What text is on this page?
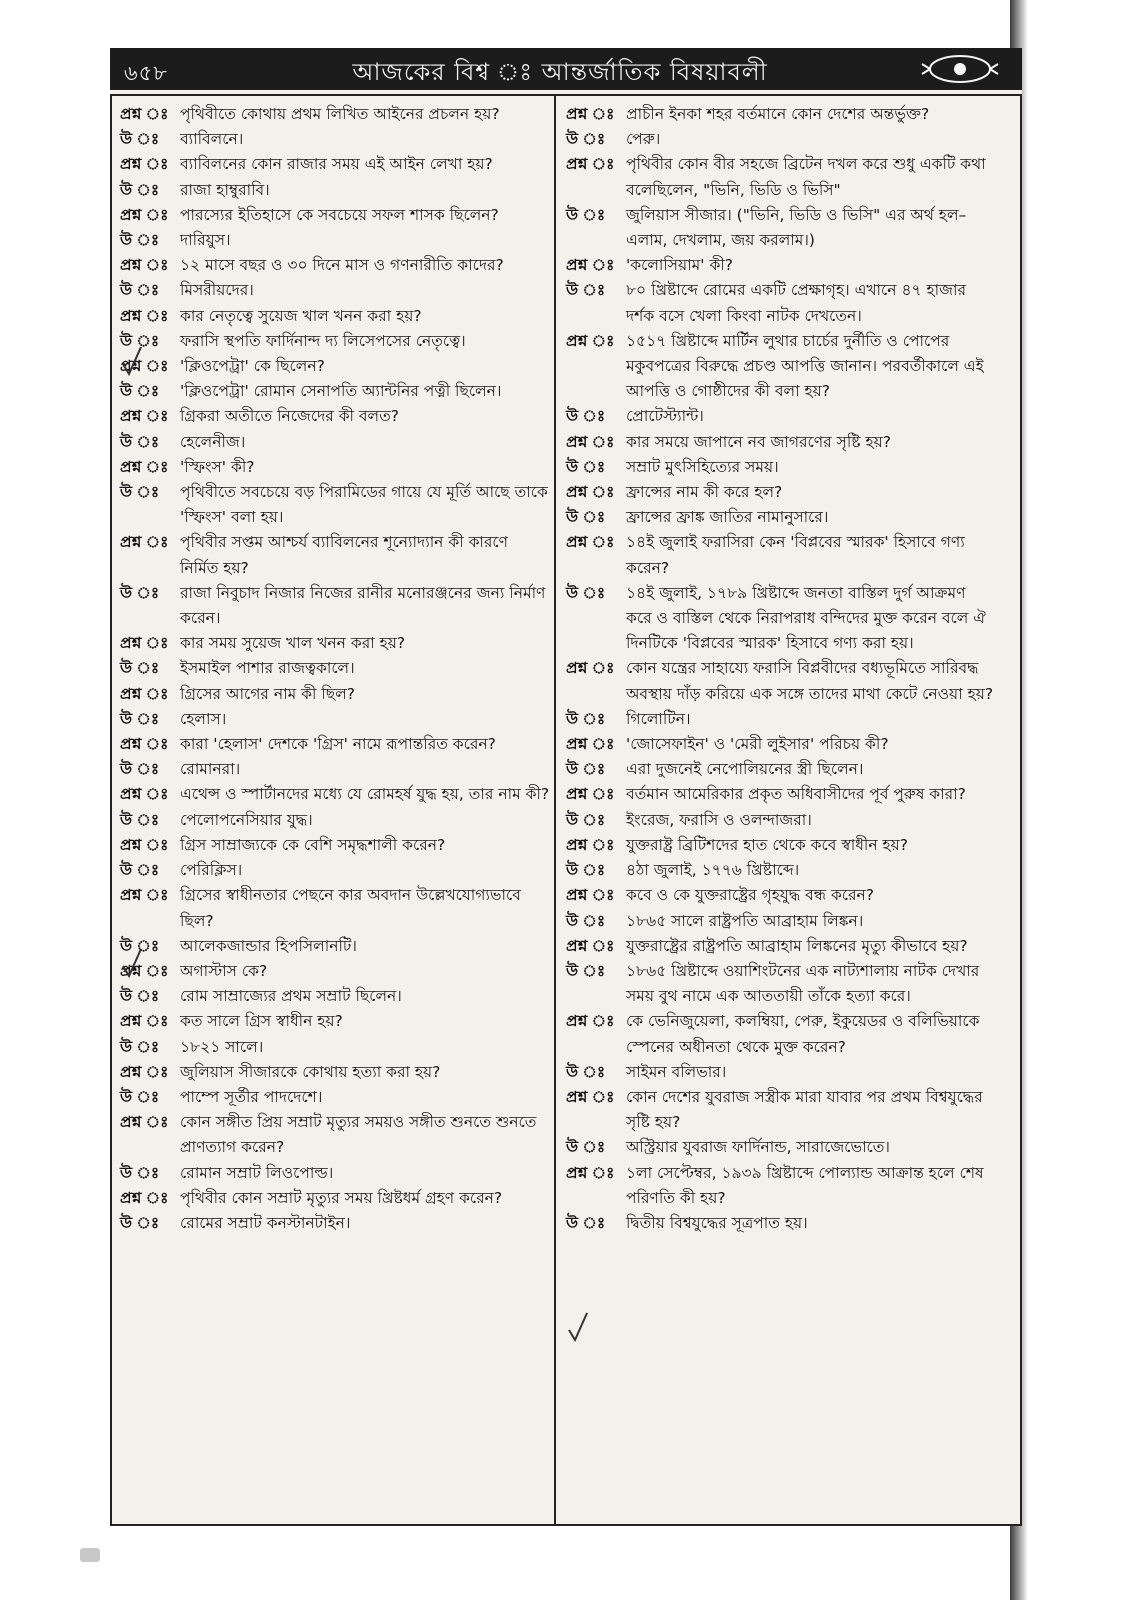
৬৫৮	আজকের বিশ্ব ঃ আন্তর্জাতিক বিষয়াবলী
প্রশ্ন ঃ পৃথিবীতে কোথায় প্রথম লিখিত আইনের প্রচলন হয়?
উ ঃ	ব্যাবিলনে।
প্রশ্ন ঃ ব্যাবিলনের কোন রাজার সময় এই আইন লেখা হয়?
উ ঃ	রাজা হাম্বুরাবি।
প্রশ্ন ঃ পারস্যের ইতিহাসে কে সবচেয়ে সফল শাসক ছিলেন?
উ ঃ	দারিয়ুস।
প্রশ্ন ঃ ১২ মাসে বছর ও ৩০ দিনে মাস ও গণনারীতি কাদের?
উ ঃ	মিসরীয়দের।
প্রশ্ন ঃ কার নেতৃত্বে সুয়েজ খাল খনন করা হয়?
উ ঃ	ফরাসি স্থপতি ফার্দিনান্দ দ্য লিসেপসের নেতৃত্বে।
প্রশ্ন ঃ 'ক্লিওপেট্রা' কে ছিলেন?
উ ঃ	'ক্লিওপেট্রা' রোমান সেনাপতি অ্যান্টনির পত্নী ছিলেন।
প্রশ্ন ঃ গ্রিকরা অতীতে নিজেদের কী বলত?
উ ঃ	হেলেনীজ।
প্রশ্ন ঃ 'স্ফিংস' কী?
উ ঃ	পৃথিবীতে সবচেয়ে বড় পিরামিডের গায়ে যে মূর্তি আছে তাকে 'স্ফিংস' বলা হয়।
প্রশ্ন ঃ পৃথিবীর সপ্তম আশ্চর্য ব্যাবিলনের শূন্যোদ্যান কী কারণে নির্মিত হয়?
উ ঃ	রাজা নিবুচাদ নিজার নিজের রানীর মনোরঞ্জনের জন্য নির্মাণ করেন।
প্রশ্ন ঃ কার সময় সুয়েজ খাল খনন করা হয়?
উ ঃ	ইসমাইল পাশার রাজত্বকালে।
প্রশ্ন ঃ গ্রিসের আগের নাম কী ছিল?
উ ঃ	হেলাস।
প্রশ্ন ঃ কারা 'হেলাস' দেশকে 'গ্রিস' নামে রূপান্তরিত করেন?
উ ঃ	রোমানরা।
প্রশ্ন ঃ এথেন্স ও স্পার্টানদের মধ্যে যে রোমহর্ষ যুদ্ধ হয়, তার নাম কী?
উ ঃ	পেলোপনেসিয়ার যুদ্ধ।
প্রশ্ন ঃ গ্রিস সাম্রাজ্যকে কে বেশি সমৃদ্ধশালী করেন?
উ ঃ	পেরিক্লিস।
প্রশ্ন ঃ গ্রিসের স্বাধীনতার পেছনে কার অবদান উল্লেখযোগ্যভাবে ছিল?
উ ঃ	আলেকজান্ডার হিপসিলানটি।
প্রশ্ন ঃ অগাস্টাস কে?
উ ঃ	রোম সাম্রাজ্যের প্রথম সম্রাট ছিলেন।
প্রশ্ন ঃ কত সালে গ্রিস স্বাধীন হয়?
উ ঃ	১৮২১ সালে।
প্রশ্ন ঃ জুলিয়াস সীজারকে কোথায় হত্যা করা হয়?
উ ঃ	পাম্পে সূর্তীর পাদদেশে।
প্রশ্ন ঃ কোন সঙ্গীত প্রিয় সম্রাট মৃত্যুর সময়ও সঙ্গীত শুনতে শুনতে প্রাণত্যাগ করেন?
উ ঃ	রোমান সম্রাট লিওপোল্ড।
প্রশ্ন ঃ পৃথিবীর কোন সম্রাট মৃত্যুর সময় খ্রিষ্টধর্ম গ্রহণ করেন?
উ ঃ	রোমের সম্রাট কনস্টানটাইন।
প্রশ্ন ঃ প্রাচীন ইনকা শহর বর্তমানে কোন দেশের অন্তর্ভুক্ত?
উ ঃ	পেরু।
প্রশ্ন ঃ পৃথিবীর কোন বীর সহজে ব্রিটেন দখল করে শুধু একটি কথা বলেছিলেন, "ভিনি, ভিডি ও ভিসি"
উ ঃ	জুলিয়াস সীজার। ("ভিনি, ভিডি ও ভিসি" এর অর্থ হল– এলাম, দেখলাম, জয় করলাম।)
প্রশ্ন ঃ 'কলোসিয়াম' কী?
উ ঃ	৮০ খ্রিষ্টাব্দে রোমের একটি প্রেক্ষাগৃহ। এখানে ৪৭ হাজার দর্শক বসে খেলা কিংবা নাটক দেখতেন।
প্রশ্ন ঃ ১৫১৭ খ্রিষ্টাব্দে মার্টিন লুথার চার্চের দুর্নীতি ও পোপের মকুবপত্রের বিরুদ্ধে প্রচণ্ড আপত্তি জানান। পরবর্তীকালে এই আপত্তি ও গোষ্ঠীদের কী বলা হয়?
উ ঃ	প্রোটেস্ট্যান্ট।
প্রশ্ন ঃ কার সময়ে জাপানে নব জাগরণের সৃষ্টি হয়?
উ ঃ	সম্রাট মুৎসিহিত্যের সময়।
প্রশ্ন ঃ ফ্রান্সের নাম কী করে হল?
উ ঃ	ফ্রান্সের ফ্রাঙ্ক জাতির নামানুসারে।
প্রশ্ন ঃ ১৪ই জুলাই ফরাসিরা কেন 'বিপ্লবের স্মারক' হিসাবে গণ্য করেন?
উ ঃ	১৪ই জুলাই, ১৭৮৯ খ্রিষ্টাব্দে জনতা বাস্তিল দুর্গ আক্রমণ করে ও বাস্তিল থেকে নিরাপরাধ বন্দিদের মুক্ত করেন বলে ঐ দিনটিকে 'বিপ্লবের স্মারক' হিসাবে গণ্য করা হয়।
প্রশ্ন ঃ কোন যন্ত্রের সাহায্যে ফরাসি বিপ্লবীদের বধ্যভূমিতে সারিবদ্ধ অবস্থায় দাঁড় করিয়ে এক সঙ্গে তাদের মাথা কেটে নেওয়া হয়?
উ ঃ	গিলোটিন।
প্রশ্ন ঃ 'জোসেফাইন' ও 'মেরী লুইসার' পরিচয় কী?
উ ঃ	এরা দুজনেই নেপোলিয়নের স্ত্রী ছিলেন।
প্রশ্ন ঃ বর্তমান আমেরিকার প্রকৃত অধিবাসীদের পূর্ব পুরুষ কারা?
উ ঃ	ইংরেজ, ফরাসি ও ওলন্দাজরা।
প্রশ্ন ঃ যুক্তরাষ্ট্র ব্রিটিশদের হাত থেকে কবে স্বাধীন হয়?
উ ঃ	৪ঠা জুলাই, ১৭৭৬ খ্রিষ্টাব্দে।
প্রশ্ন ঃ কবে ও কে যুক্তরাষ্ট্রের গৃহযুদ্ধ বন্ধ করেন?
উ ঃ	১৮৬৫ সালে রাষ্ট্রপতি আব্রাহাম লিঙ্কন।
প্রশ্ন ঃ যুক্তরাষ্ট্রের রাষ্ট্রপতি আব্রাহাম লিঙ্কনের মৃত্যু কীভাবে হয়?
উ ঃ	১৮৬৫ খ্রিষ্টাব্দে ওয়াশিংটনের এক নাট্যশালায় নাটক দেখার সময় বুথ নামে এক আততায়ী তাঁকে হত্যা করে।
প্রশ্ন ঃ কে ভেনিজুয়েলা, কলম্বিয়া, পেরু, ইকুয়েডর ও বলিভিয়াকে স্পেনের অধীনতা থেকে মুক্ত করেন?
উ ঃ	সাইমন বলিভার।
প্রশ্ন ঃ কোন দেশের যুবরাজ সস্ত্রীক মারা যাবার পর প্রথম বিশ্বযুদ্ধের সৃষ্টি হয়?
উ ঃ	অস্ট্রিয়ার যুবরাজ ফার্দিনান্ড, সারাজেভোতে।
প্রশ্ন ঃ ১লা সেপ্টেম্বর, ১৯৩৯ খ্রিষ্টাব্দে পোল্যান্ড আক্রান্ত হলে শেষ পরিণতি কী হয়?
উ ঃ	দ্বিতীয় বিশ্বযুদ্ধের সূত্রপাত হয়।
